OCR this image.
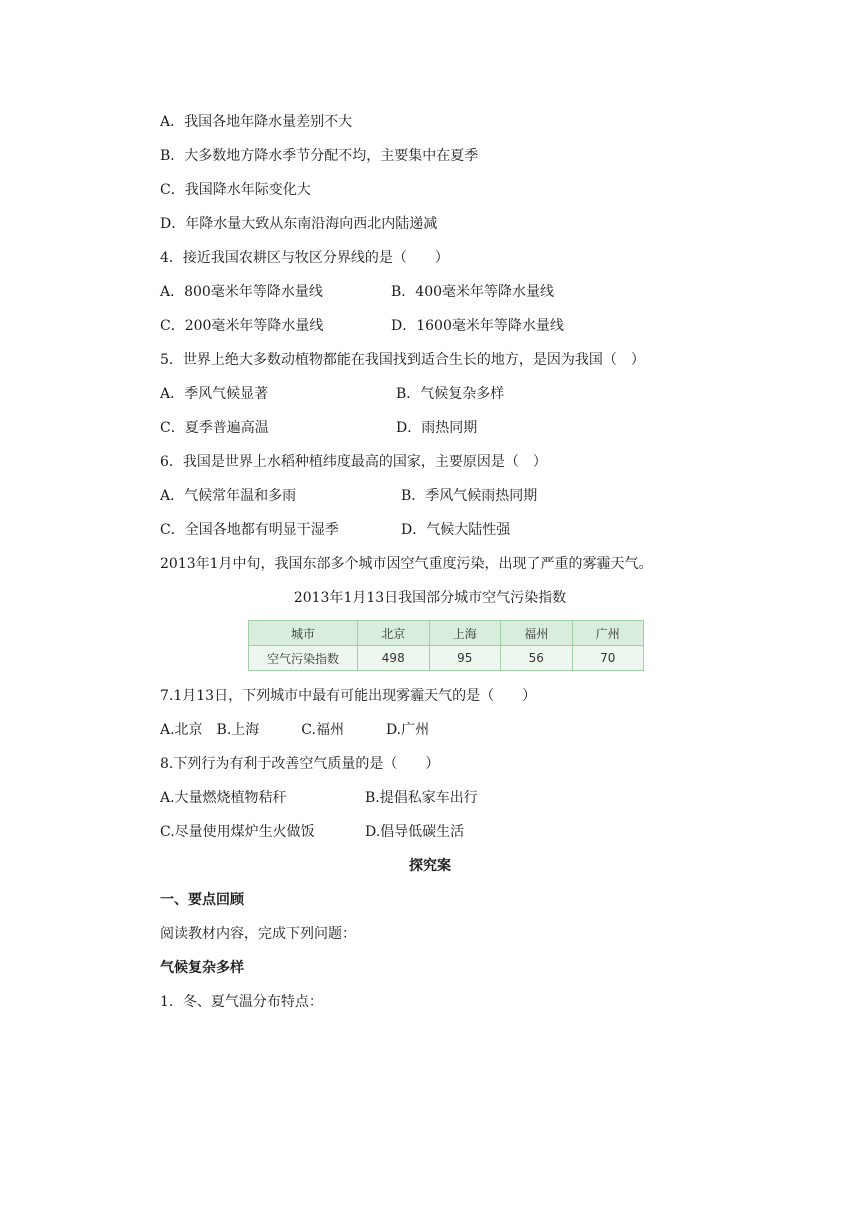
A．我国各地年降水量差别不大
B．大多数地方降水季节分配不均，主要集中在夏季
C．我国降水年际变化大
D．年降水量大致从东南沿海向西北内陆递减
4．接近我国农耕区与牧区分界线的是（　　）
A．800毫米年等降水量线	B．400毫米年等降水量线
C．200毫米年等降水量线	D．1600毫米年等降水量线
5．世界上绝大多数动植物都能在我国找到适合生长的地方，是因为我国（　）
A．季风气候显著	B．气候复杂多样
C．夏季普遍高温	D．雨热同期
6．我国是世界上水稻种植纬度最高的国家，主要原因是（　）
A．气候常年温和多雨	B．季风气候雨热同期
C．全国各地都有明显干湿季	D．气候大陆性强
2013年1月中旬，我国东部多个城市因空气重度污染，出现了严重的雾霾天气。
2013年1月13日我国部分城市空气污染指数
城市	北京	上海	福州	广州
空气污染指数	498	95	56	70
7.1月13日，下列城市中最有可能出现雾霾天气的是（　　）
A.北京　B.上海　　　C.福州　　　D.广州
8.下列行为有利于改善空气质量的是（　　）
A.大量燃烧植物秸秆	B.提倡私家车出行
C.尽量使用煤炉生火做饭	D.倡导低碳生活
探究案
一、要点回顾
阅读教材内容，完成下列问题：
气候复杂多样
1．冬、夏气温分布特点：
